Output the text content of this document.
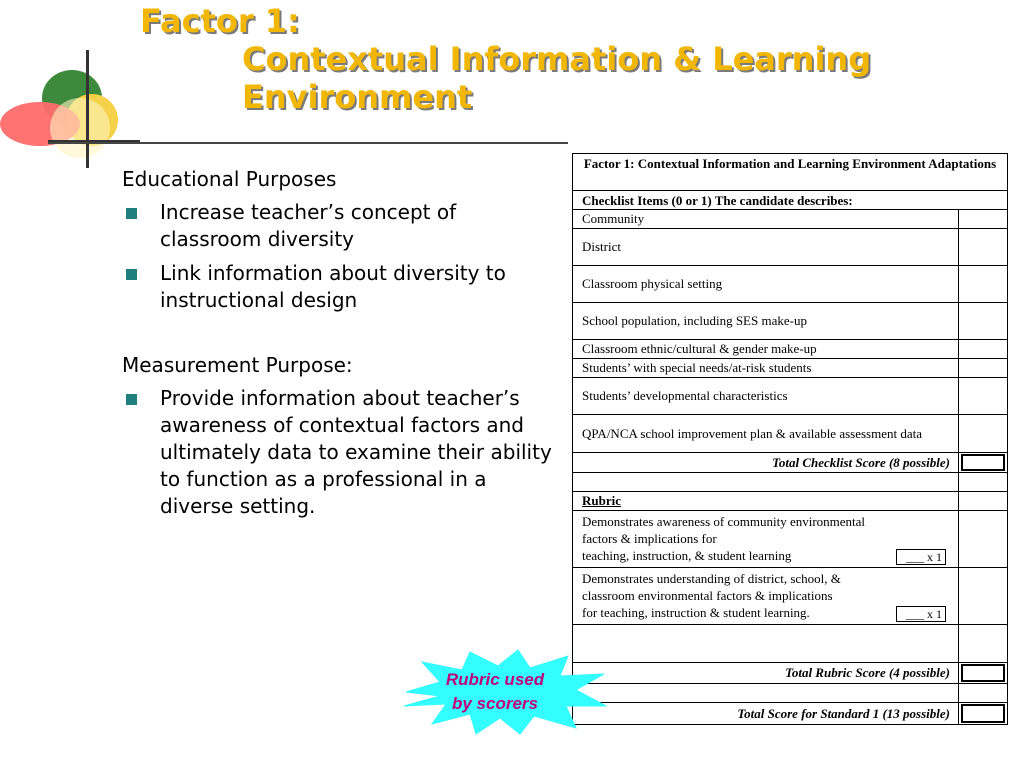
Factor 1:
Contextual Information & Learning
Environment

Educational Purposes

Increase teacher’s concept of classroom diversity
Link information about diversity to instructional design

Measurement Purpose:

Provide information about teacher’s awareness of contextual factors and ultimately data to examine their ability to function as a professional in a diverse setting.
Factor 1: Contextual Information and Learning Environment Adaptations
Checklist Items (0 or 1) The candidate describes:
Community
District
Classroom physical setting
School population, including SES make-up
Classroom ethnic/cultural & gender make-up
Students’ with special needs/at-risk students
Students’ developmental characteristics
QPA/NCA school improvement plan & available assessment data
Total Checklist Score (8 possible)
Rubric
Demonstrates awareness of community environmental
factors & implications for
teaching, instruction, & student learning	___ x 1
Demonstrates understanding of district, school, &
classroom environmental factors & implications
for teaching, instruction & student learning.	___ x 1
Total Rubric Score (4 possible)
Total Score for Standard 1 (13 possible)
Rubric used
by scorers
